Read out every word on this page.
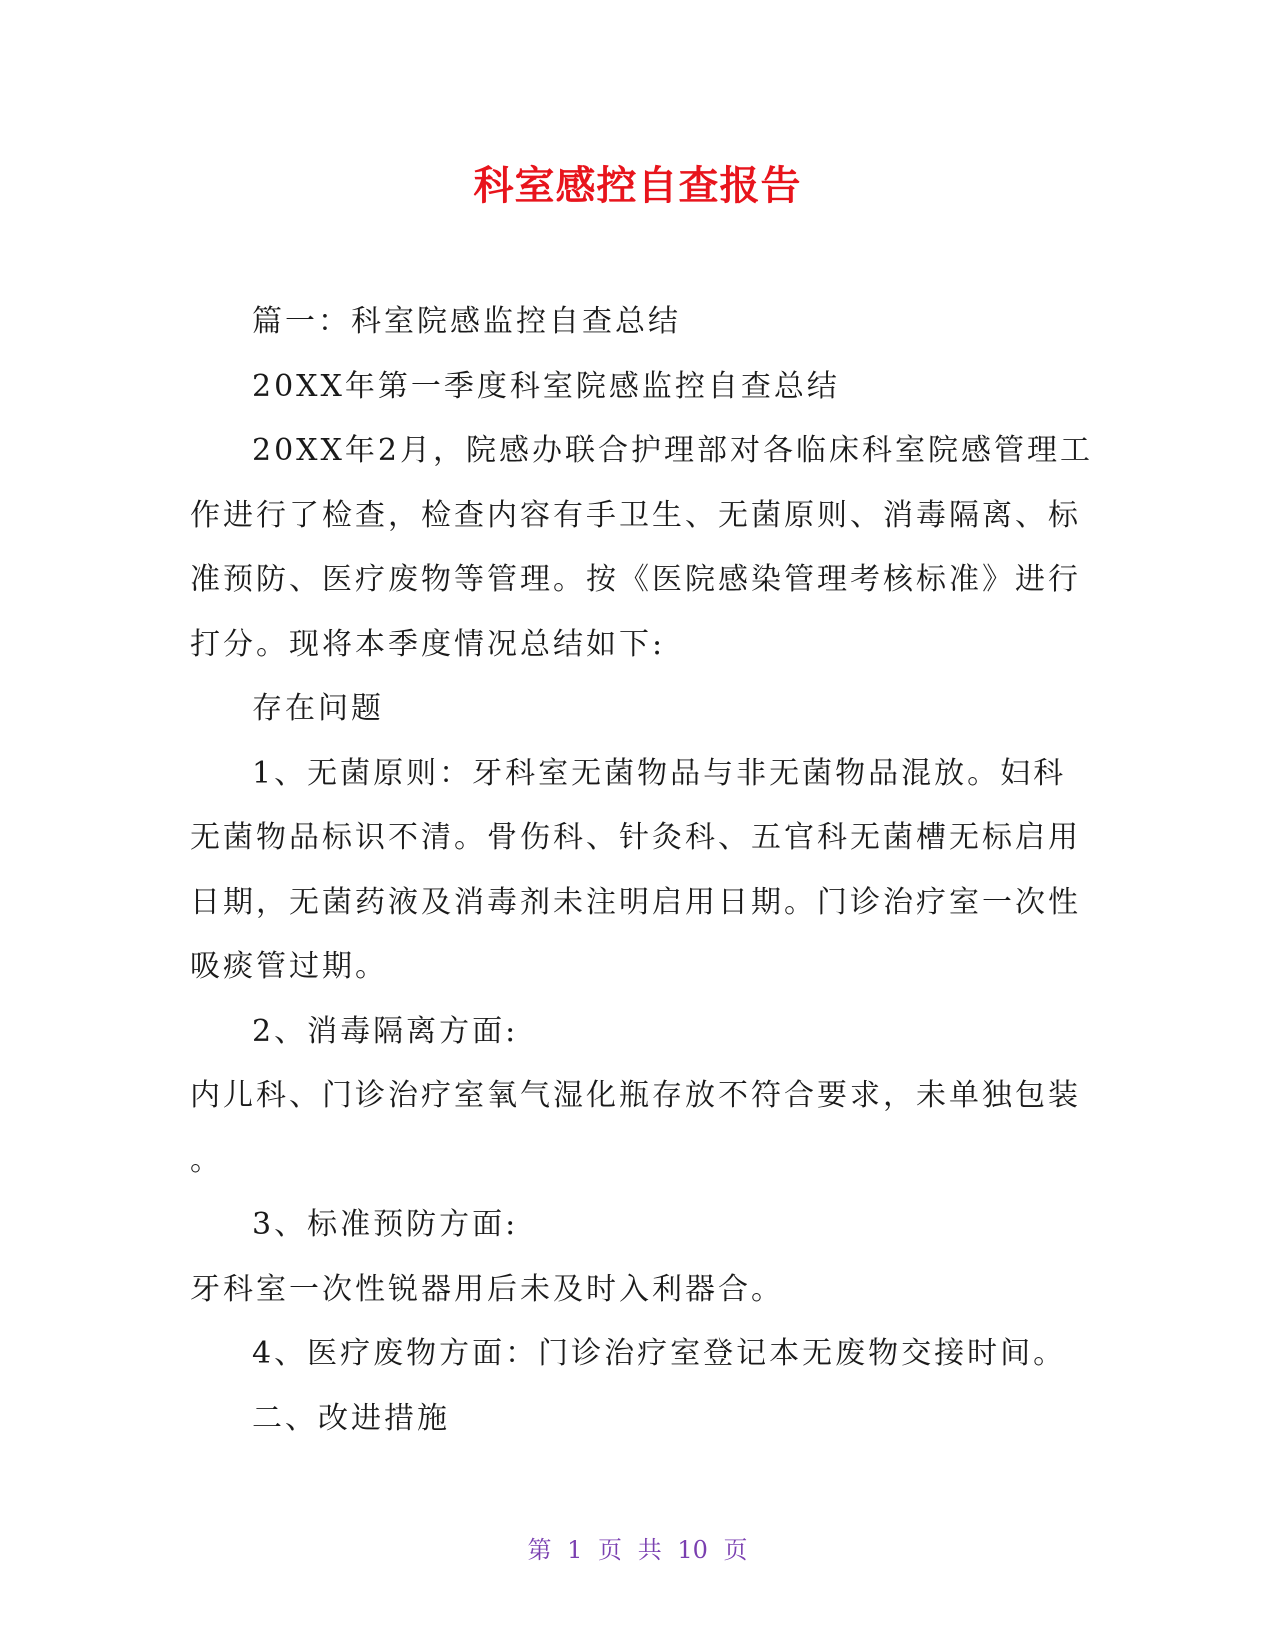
科室感控自查报告

篇一：科室院感监控自查总结

20XX年第一季度科室院感监控自查总结

20XX年2月，院感办联合护理部对各临床科室院感管理工

作进行了检查，检查内容有手卫生、无菌原则、消毒隔离、标

准预防、医疗废物等管理。按《医院感染管理考核标准》进行

打分。现将本季度情况总结如下:

存在问题

1、无菌原则：牙科室无菌物品与非无菌物品混放。妇科

无菌物品标识不清。骨伤科、针灸科、五官科无菌槽无标启用

日期，无菌药液及消毒剂未注明启用日期。门诊治疗室一次性

吸痰管过期。

2、消毒隔离方面:

内儿科、门诊治疗室氧气湿化瓶存放不符合要求，未单独包装

。

3、标准预防方面:

牙科室一次性锐器用后未及时入利器合。

4、医疗废物方面：门诊治疗室登记本无废物交接时间。

二、改进措施

第 1 页 共 10 页
